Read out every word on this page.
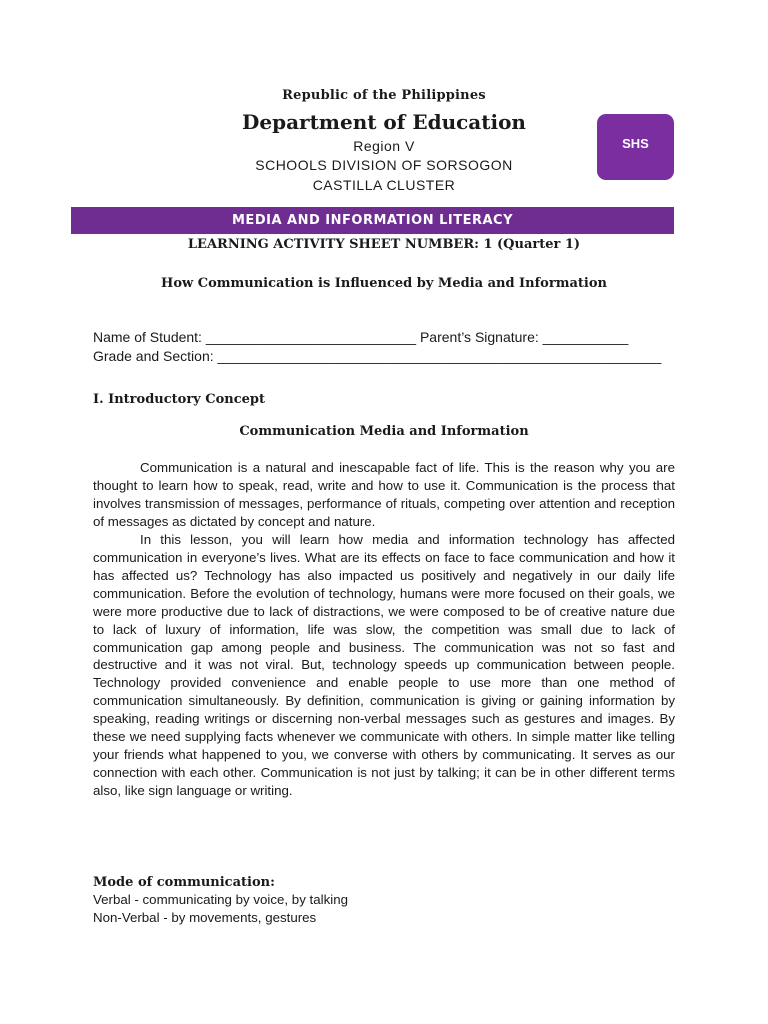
Republic of the Philippines
Department of Education
Region V
SCHOOLS DIVISION OF SORSOGON
CASTILLA CLUSTER
SHS
MEDIA AND INFORMATION LITERACY
LEARNING ACTIVITY SHEET NUMBER: 1 (Quarter 1)
How Communication is Influenced by Media and Information
Name of Student: ___________________________ Parent’s Signature: ___________
Grade and Section: _________________________________________________________
I. Introductory Concept
Communication Media and Information

Communication is a natural and inescapable fact of life. This is the reason why you are thought to learn how to speak, read, write and how to use it. Communication is the process that involves transmission of messages, performance of rituals, competing over attention and reception of messages as dictated by concept and nature.

In this lesson, you will learn how media and information technology has affected communication in everyone’s lives. What are its effects on face to face communication and how it has affected us? Technology has also impacted us positively and negatively in our daily life communication. Before the evolution of technology, humans were more focused on their goals, we were more productive due to lack of distractions, we were composed to be of creative nature due to lack of luxury of information, life was slow, the competition was small due to lack of communication gap among people and business. The communication was not so fast and destructive and it was not viral. But, technology speeds up communication between people. Technology provided convenience and enable people to use more than one method of communication simultaneously. By definition, communication is giving or gaining information by speaking, reading writings or discerning non-verbal messages such as gestures and images. By these we need supplying facts whenever we communicate with others. In simple matter like telling your friends what happened to you, we converse with others by communicating. It serves as our connection with each other. Communication is not just by talking; it can be in other different terms also, like sign language or writing.

Mode of communication:
Verbal - communicating by voice, by talking
Non-Verbal - by movements, gestures
